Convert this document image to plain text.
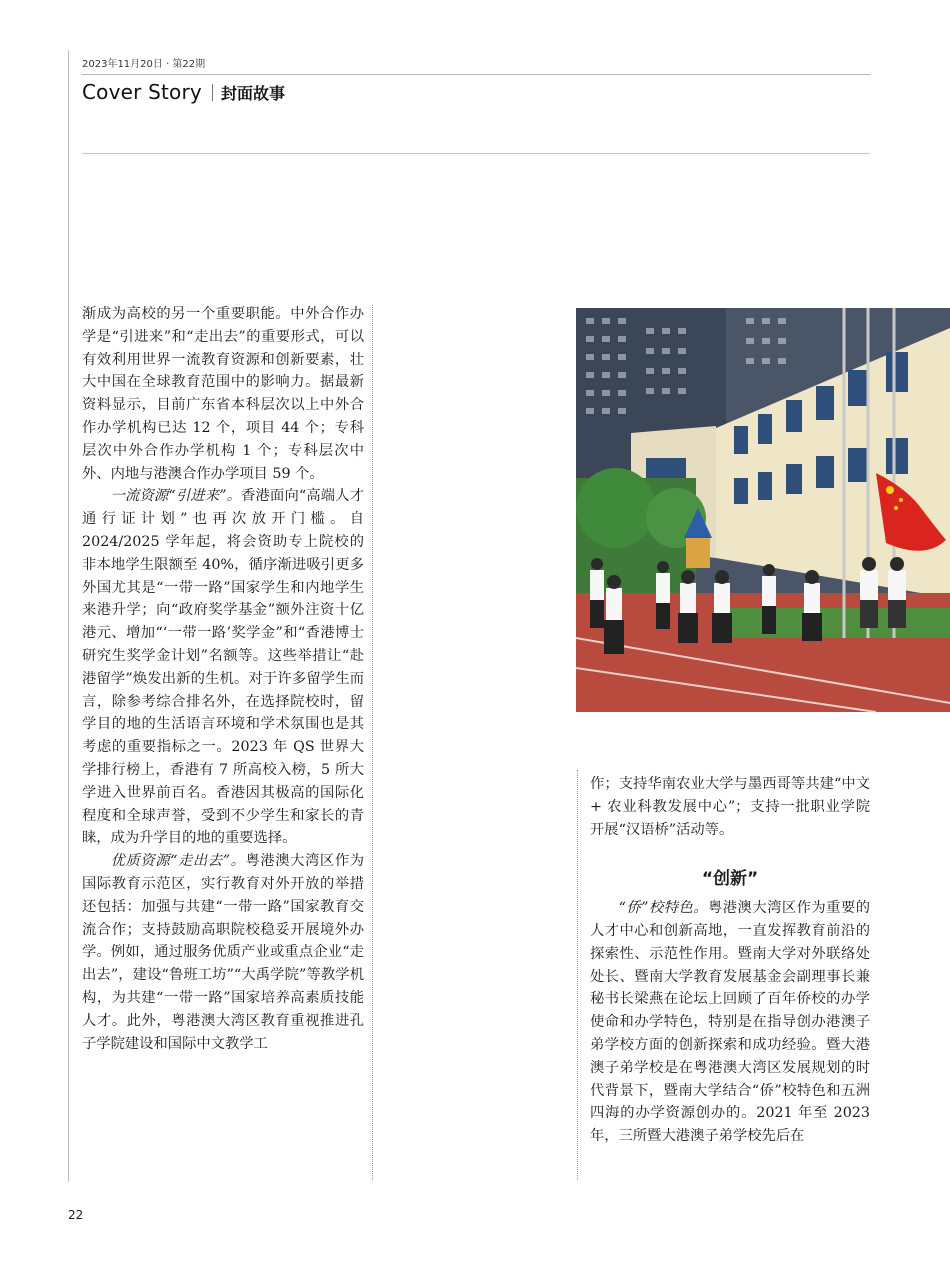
2023年11月20日 · 第22期
Cover Story 封面故事

渐成为高校的另一个重要职能。中外合作办学是“引进来”和“走出去”的重要形式，可以有效利用世界一流教育资源和创新要素，壮大中国在全球教育范围中的影响力。据最新资料显示，目前广东省本科层次以上中外合作办学机构已达 12 个，项目 44 个；专科层次中外合作办学机构 1 个；专科层次中外、内地与港澳合作办学项目 59 个。

一流资源“引进来”。香港面向“高端人才通行证计划”也再次放开门槛。自 2024/2025 学年起，将会资助专上院校的非本地学生限额至 40%，循序渐进吸引更多外国尤其是“一带一路”国家学生和内地学生来港升学；向“政府奖学基金”额外注资十亿港元、增加“‘一带一路’奖学金”和“香港博士研究生奖学金计划”名额等。这些举措让“赴港留学”焕发出新的生机。对于许多留学生而言，除参考综合排名外，在选择院校时，留学目的地的生活语言环境和学术氛围也是其考虑的重要指标之一。2023 年 QS 世界大学排行榜上，香港有 7 所高校入榜，5 所大学进入世界前百名。香港因其极高的国际化程度和全球声誉，受到不少学生和家长的青睐，成为升学目的地的重要选择。

优质资源“走出去”。粤港澳大湾区作为国际教育示范区，实行教育对外开放的举措还包括：加强与共建“一带一路”国家教育交流合作；支持鼓励高职院校稳妥开展境外办学。例如，通过服务优质产业或重点企业“走出去”，建设“鲁班工坊”“大禹学院”等教学机构，为共建“一带一路”国家培养高素质技能人才。此外，粤港澳大湾区教育重视推进孔子学院建设和国际中文教学工

作；支持华南农业大学与墨西哥等共建“中文 + 农业科教发展中心”；支持一批职业学院开展“汉语桥”活动等。

“创新”

“侨”校特色。粤港澳大湾区作为重要的人才中心和创新高地，一直发挥教育前沿的探索性、示范性作用。暨南大学对外联络处处长、暨南大学教育发展基金会副理事长兼秘书长梁燕在论坛上回顾了百年侨校的办学使命和办学特色，特别是在指导创办港澳子弟学校方面的创新探索和成功经验。暨大港澳子弟学校是在粤港澳大湾区发展规划的时代背景下，暨南大学结合“侨”校特色和五洲四海的办学资源创办的。2021 年至 2023 年，三所暨大港澳子弟学校先后在

22
